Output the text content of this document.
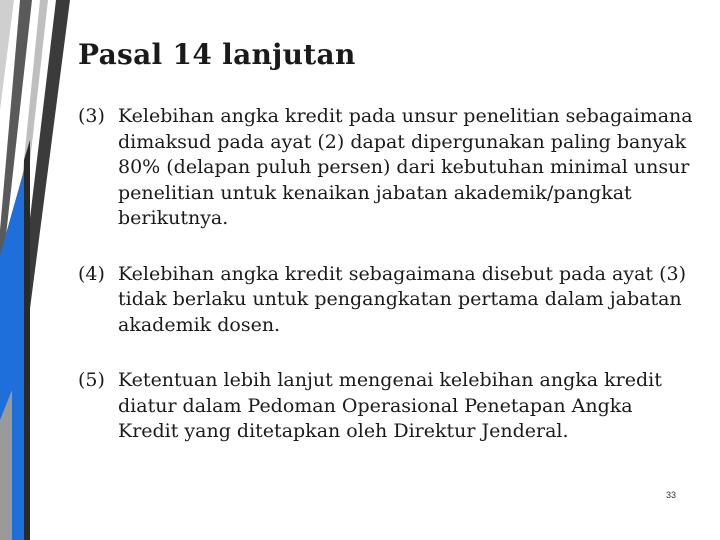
Pasal 14 lanjutan
(3) Kelebihan angka kredit pada unsur penelitian sebagaimana dimaksud pada ayat (2) dapat dipergunakan paling banyak 80% (delapan puluh persen) dari kebutuhan minimal unsur penelitian untuk kenaikan jabatan akademik/pangkat berikutnya.
(4) Kelebihan angka kredit sebagaimana disebut pada ayat (3) tidak berlaku untuk pengangkatan pertama dalam jabatan akademik dosen.
(5) Ketentuan lebih lanjut mengenai kelebihan angka kredit diatur dalam Pedoman Operasional Penetapan Angka Kredit yang ditetapkan oleh Direktur Jenderal.
33
